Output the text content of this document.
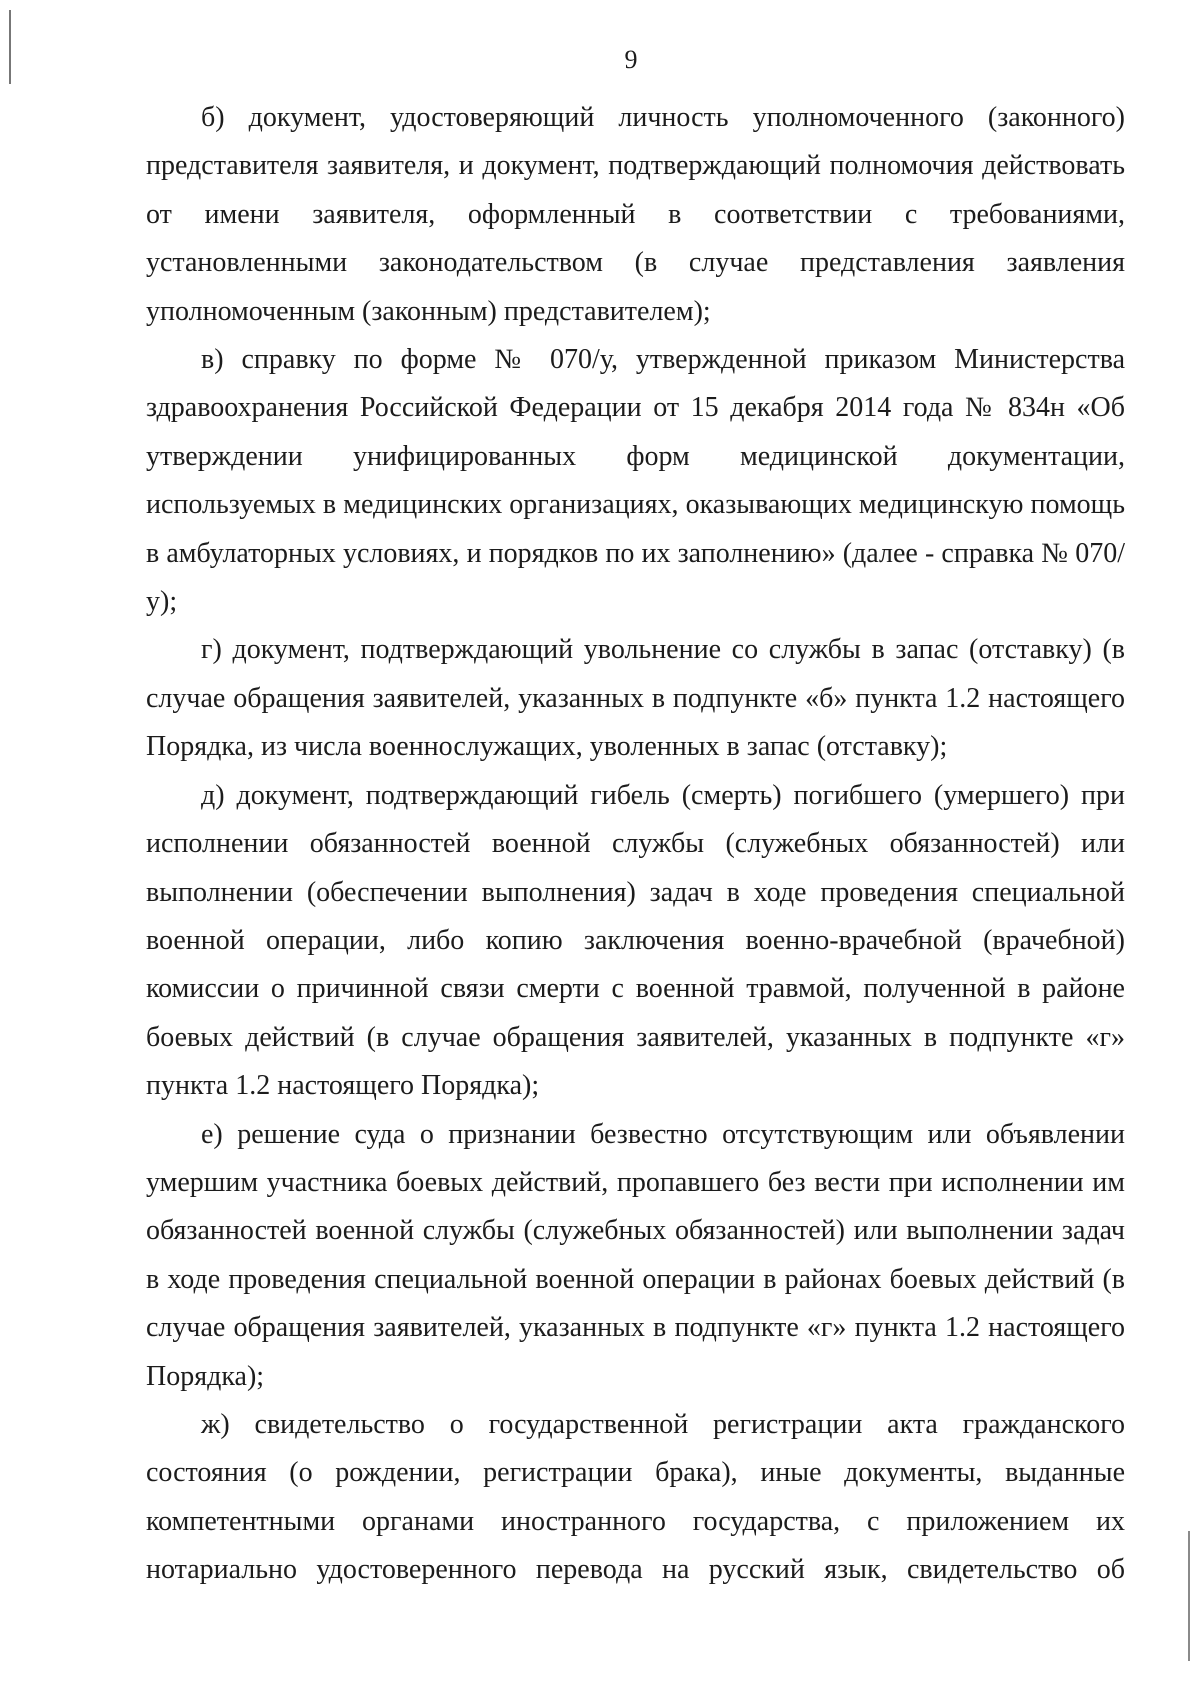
9

б) документ, удостоверяющий личность уполномоченного (законного) представителя заявителя, и документ, подтверждающий полномочия действовать от имени заявителя, оформленный в соответствии с требованиями, установленными законодательством (в случае представления заявления уполномоченным (законным) представителем);

в) справку по форме № 070/у, утвержденной приказом Министерства здравоохранения Российской Федерации от 15 декабря 2014 года № 834н «Об утверждении унифицированных форм медицинской документации, используемых в медицинских организациях, оказывающих медицинскую помощь в амбулаторных условиях, и порядков по их заполнению» (далее - справка № 070/у);

г) документ, подтверждающий увольнение со службы в запас (отставку) (в случае обращения заявителей, указанных в подпункте «б» пункта 1.2 настоящего Порядка, из числа военнослужащих, уволенных в запас (отставку);

д) документ, подтверждающий гибель (смерть) погибшего (умершего) при исполнении обязанностей военной службы (служебных обязанностей) или выполнении (обеспечении выполнения) задач в ходе проведения специальной военной операции, либо копию заключения военно-врачебной (врачебной) комиссии о причинной связи смерти с военной травмой, полученной в районе боевых действий (в случае обращения заявителей, указанных в подпункте «г» пункта 1.2 настоящего Порядка);

е) решение суда о признании безвестно отсутствующим или объявлении умершим участника боевых действий, пропавшего без вести при исполнении им обязанностей военной службы (служебных обязанностей) или выполнении задач в ходе проведения специальной военной операции в районах боевых действий (в случае обращения заявителей, указанных в подпункте «г» пункта 1.2 настоящего Порядка);

ж) свидетельство о государственной регистрации акта гражданского состояния (о рождении, регистрации брака), иные документы, выданные компетентными органами иностранного государства, с приложением их нотариально удостоверенного перевода на русский язык, свидетельство об
